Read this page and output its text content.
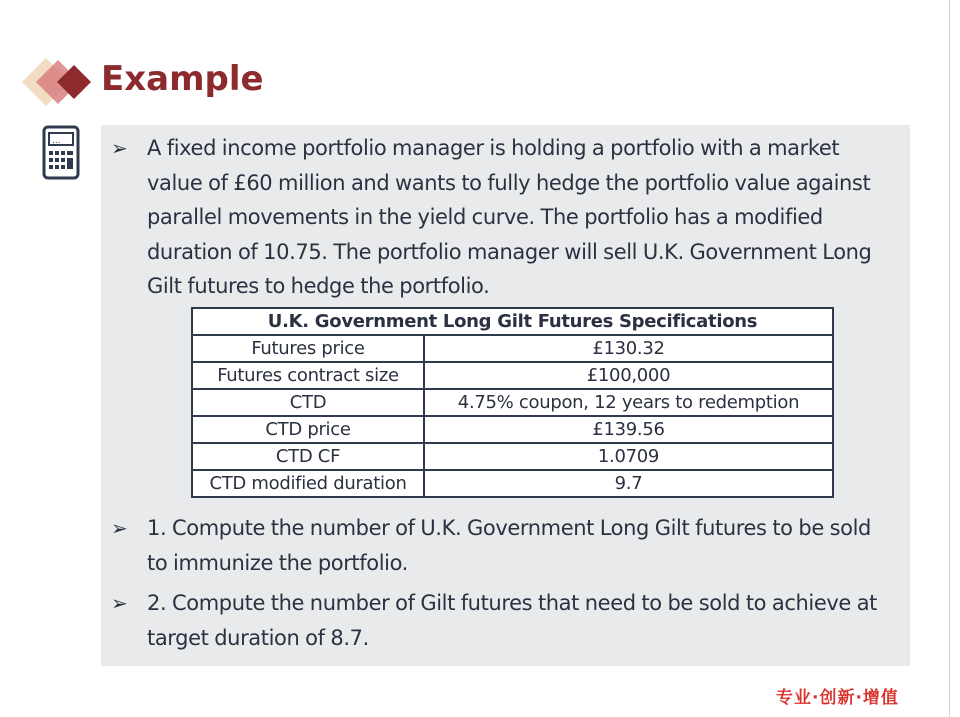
Example
...	➢ A fixed income portfolio manager is holding a portfolio with a market value of £60 million and wants to fully hedge the portfolio value against parallel movements in the yield curve. The portfolio has a modified duration of 10.75. The portfolio manager will sell U.K. Government Long Gilt futures to hedge the portfolio.
U.K. Government Long Gilt Futures Specifications	
Futures price	£130.32
Futures contract size	£100,000
CTD	4.75% coupon, 12 years to redemption
CTD price	£139.56
CTD CF	1.0709
CTD modified duration	9.7
➢ 1. Compute the number of U.K. Government Long Gilt futures to be sold to immunize the portfolio.
➢ 2. Compute the number of Gilt futures that need to be sold to achieve at target duration of 8.7.
专业·创新·增值
